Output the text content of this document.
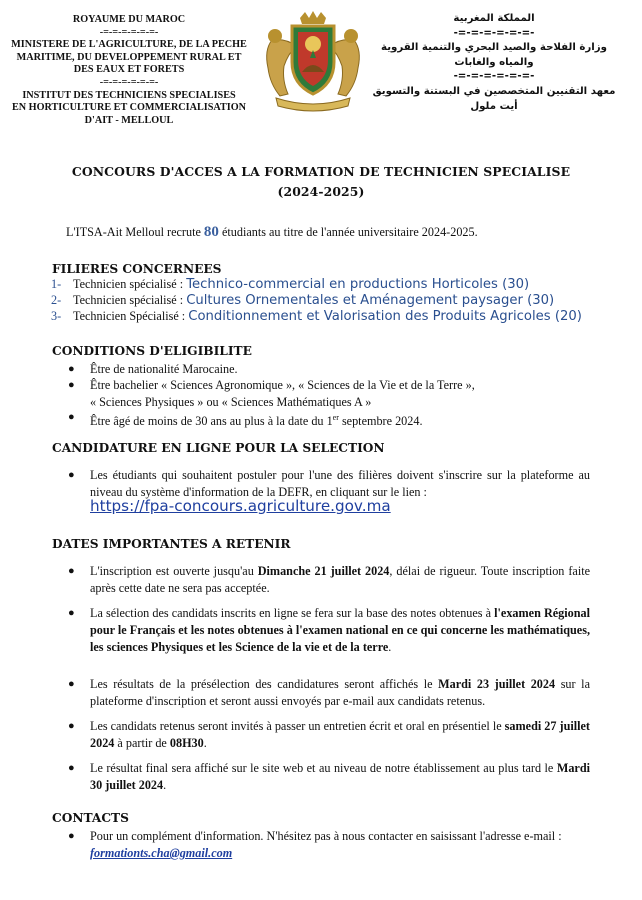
ROYAUME DU MAROC
-=-=-=-=-=-=-
MINISTERE DE L'AGRICULTURE, DE LA PECHE
MARITIME, DU DEVELOPPEMENT RURAL ET
DES EAUX ET FORETS
-=-=-=-=-=-=-
INSTITUT DES TECHNICIENS SPECIALISES
EN HORTICULTURE ET COMMERCIALISATION
D'AIT - MELLOUL
المملكة المغربية
-=-=-=-=-=-=-
وزارة الفلاحة والصيد البحري والتنمية القروية
والمياه والغابات
-=-=-=-=-=-=-
معهد التقنيين المتخصصين في البستنة والتسويق
أيت ملول
CONCOURS D'ACCES A LA FORMATION DE TECHNICIEN SPECIALISE
(2024-2025)
L'ITSA-Ait Melloul recrute 80 étudiants au titre de l'année universitaire 2024-2025.
FILIERES CONCERNEES
1- Technicien spécialisé : Technico-commercial en productions Horticoles (30)
2- Technicien spécialisé : Cultures Ornementales et Aménagement paysager (30)
3- Technicien Spécialisé : Conditionnement et Valorisation des Produits Agricoles (20)
CONDITIONS D'ELIGIBILITE
● Être de nationalité Marocaine.
● Être bachelier « Sciences Agronomique », « Sciences de la Vie et de la Terre »,
« Sciences Physiques » ou « Sciences Mathématiques A »
● Être âgé de moins de 30 ans au plus à la date du 1er septembre 2024.
CANDIDATURE EN LIGNE POUR LA SELECTION
● Les étudiants qui souhaitent postuler pour l'une des filières doivent s'inscrire sur la plateforme au niveau du système d'information de la DEFR, en cliquant sur le lien :
https://fpa-concours.agriculture.gov.ma
DATES IMPORTANTES A RETENIR
● L'inscription est ouverte jusqu'au Dimanche 21 juillet 2024, délai de rigueur. Toute inscription faite après cette date ne sera pas acceptée.
● La sélection des candidats inscrits en ligne se fera sur la base des notes obtenues à l'examen Régional pour le Français et les notes obtenues à l'examen national en ce qui concerne les mathématiques, les sciences Physiques et les Science de la vie et de la terre.
● Les résultats de la présélection des candidatures seront affichés le Mardi 23 juillet 2024 sur la plateforme d'inscription et seront aussi envoyés par e-mail aux candidats retenus.
● Les candidats retenus seront invités à passer un entretien écrit et oral en présentiel le samedi 27 juillet 2024 à partir de 08H30.
● Le résultat final sera affiché sur le site web et au niveau de notre établissement au plus tard le Mardi 30 juillet 2024.
CONTACTS
● Pour un complément d'information. N'hésitez pas à nous contacter en saisissant l'adresse e-mail : formationts.cha@gmail.com
